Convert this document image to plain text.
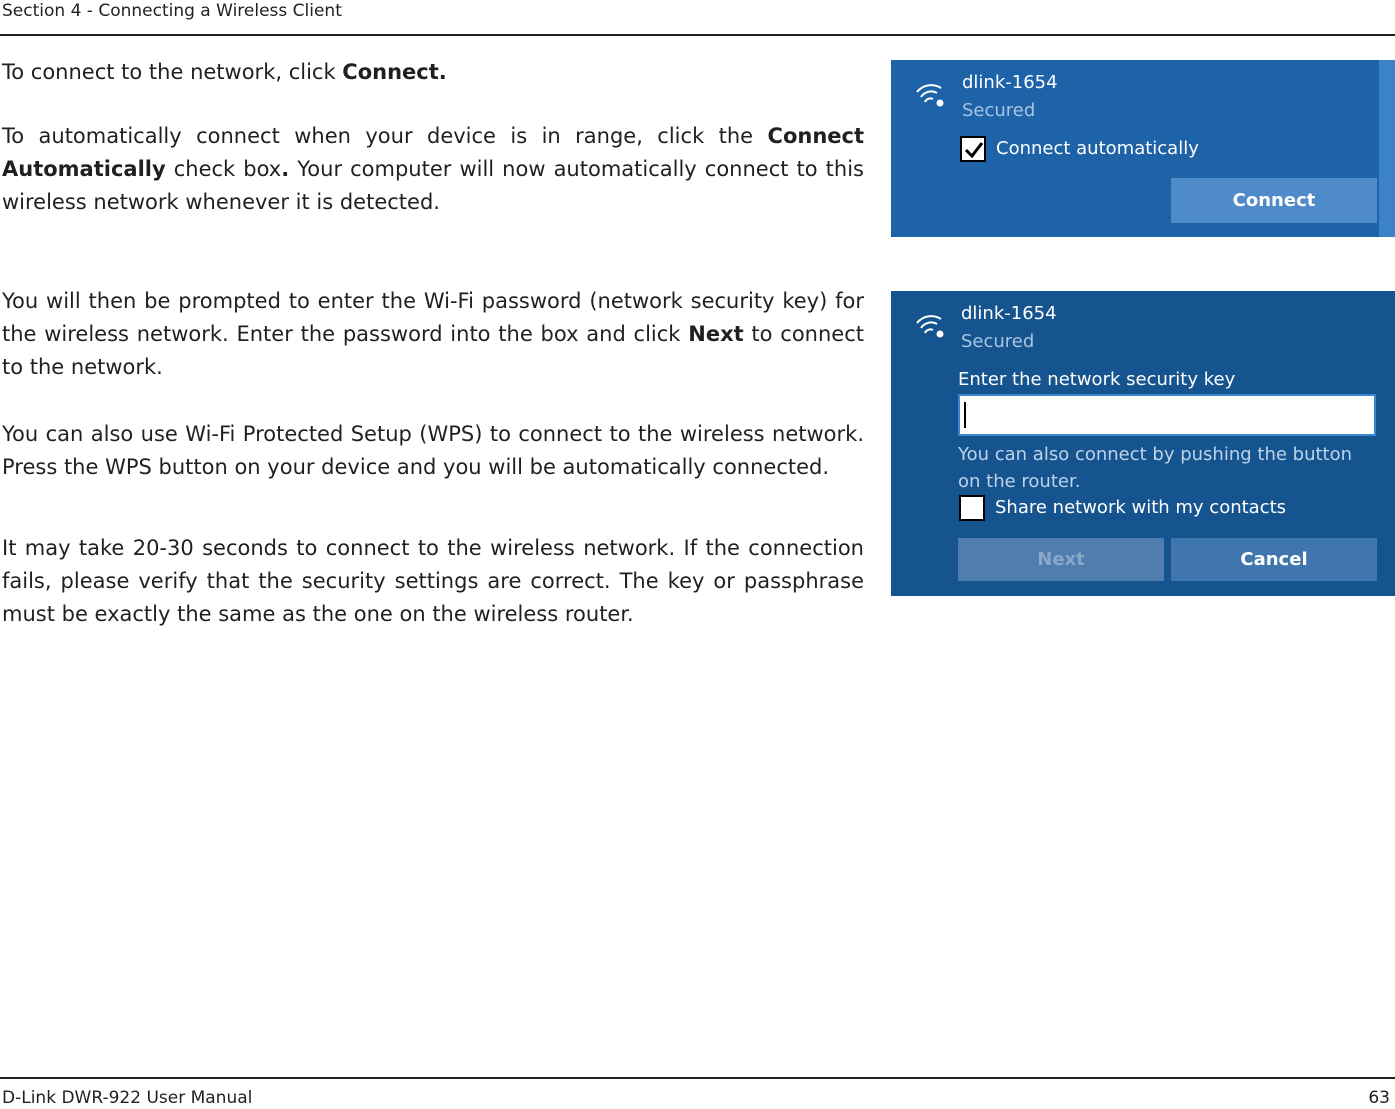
Section 4 - Connecting a Wireless Client

To connect to the network, click Connect.

To automatically connect when your device is in range, click the Connect Automatically check box. Your computer will now automatically connect to this wireless network whenever it is detected.

You will then be prompted to enter the Wi-Fi password (network security key) for the wireless network. Enter the password into the box and click Next to connect to the network.

You can also use Wi-Fi Protected Setup (WPS) to connect to the wireless network. Press the WPS button on your device and you will be automatically connected.

It may take 20-30 seconds to connect to the wireless network. If the connection fails, please verify that the security settings are correct. The key or passphrase must be exactly the same as the one on the wireless router.

dlink-1654
Secured
Connect automatically
Connect
dlink-1654
Secured
Enter the network security key
You can also connect by pushing the button on the router.
Share network with my contacts
Next	Cancel
D-Link DWR-922 User Manual	63
